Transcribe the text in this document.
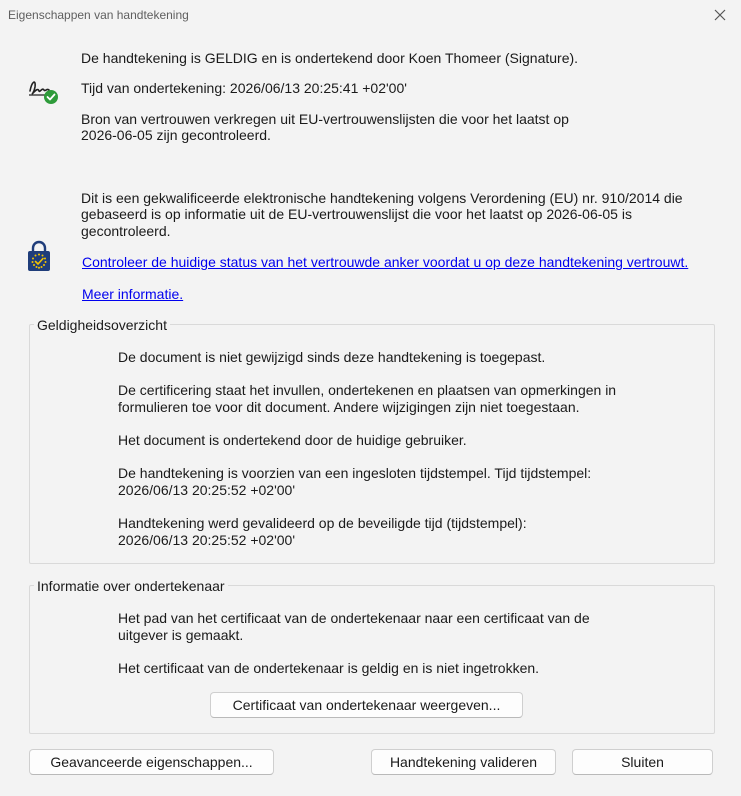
Eigenschappen van handtekening
De handtekening is GELDIG en is ondertekend door Koen Thomeer (Signature).
Tijd van ondertekening: 2026/06/13 20:25:41 +02'00'
Bron van vertrouwen verkregen uit EU-vertrouwenslijsten die voor het laatst op
2026-06-05 zijn gecontroleerd.
Dit is een gekwalificeerde elektronische handtekening volgens Verordening (EU) nr. 910/2014 die
gebaseerd is op informatie uit de EU-vertrouwenslijst die voor het laatst op 2026-06-05 is
gecontroleerd.
Controleer de huidige status van het vertrouwde anker voordat u op deze handtekening vertrouwt.
Meer informatie.
Geldigheidsoverzicht
De document is niet gewijzigd sinds deze handtekening is toegepast.
De certificering staat het invullen, ondertekenen en plaatsen van opmerkingen in
formulieren toe voor dit document. Andere wijzigingen zijn niet toegestaan.
Het document is ondertekend door de huidige gebruiker.
De handtekening is voorzien van een ingesloten tijdstempel. Tijd tijdstempel:
2026/06/13 20:25:52 +02'00'
Handtekening werd gevalideerd op de beveiligde tijd (tijdstempel):
2026/06/13 20:25:52 +02'00'
Informatie over ondertekenaar
Het pad van het certificaat van de ondertekenaar naar een certificaat van de
uitgever is gemaakt.
Het certificaat van de ondertekenaar is geldig en is niet ingetrokken.
Certificaat van ondertekenaar weergeven...
Geavanceerde eigenschappen...	Handtekening valideren	Sluiten
